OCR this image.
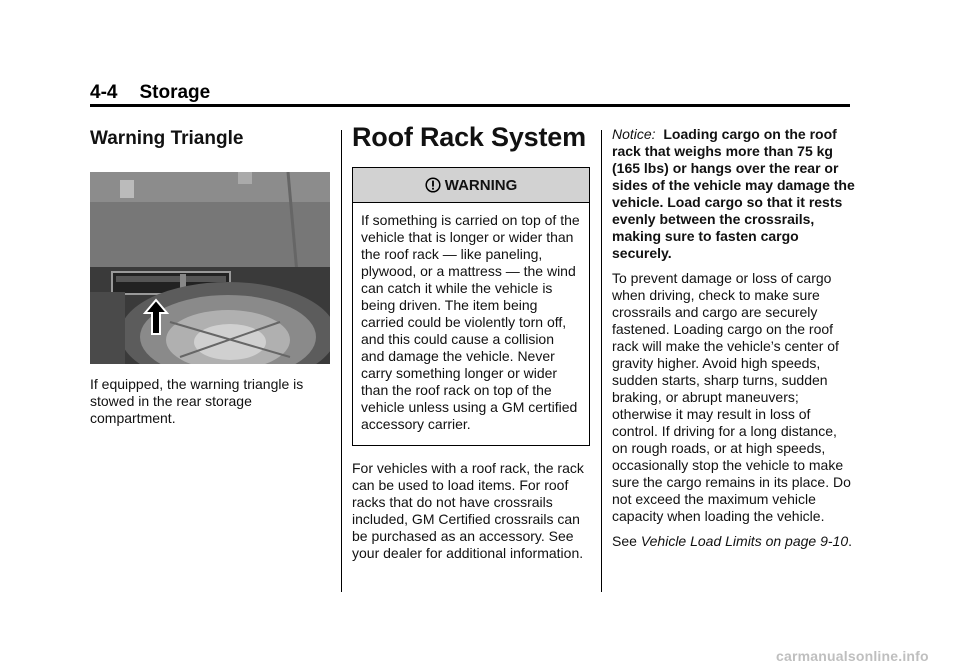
4-4 Storage
Warning Triangle

If equipped, the warning triangle is stowed in the rear storage compartment.

Roof Rack System
WARNING

If something is carried on top of the vehicle that is longer or wider than the roof rack — like paneling, plywood, or a mattress — the wind can catch it while the vehicle is being driven. The item being carried could be violently torn off, and this could cause a collision and damage the vehicle. Never carry something longer or wider than the roof rack on top of the vehicle unless using a GM certified accessory carrier.

For vehicles with a roof rack, the rack can be used to load items. For roof racks that do not have crossrails included, GM Certified crossrails can be purchased as an accessory. See your dealer for additional information.

Notice: Loading cargo on the roof rack that weighs more than 75 kg (165 lbs) or hangs over the rear or sides of the vehicle may damage the vehicle. Load cargo so that it rests evenly between the crossrails, making sure to fasten cargo securely.

To prevent damage or loss of cargo when driving, check to make sure crossrails and cargo are securely fastened. Loading cargo on the roof rack will make the vehicle’s center of gravity higher. Avoid high speeds, sudden starts, sharp turns, sudden braking, or abrupt maneuvers; otherwise it may result in loss of control. If driving for a long distance, on rough roads, or at high speeds, occasionally stop the vehicle to make sure the cargo remains in its place. Do not exceed the maximum vehicle capacity when loading the vehicle.

See Vehicle Load Limits on page 9-10.

carmanualsonline.info
